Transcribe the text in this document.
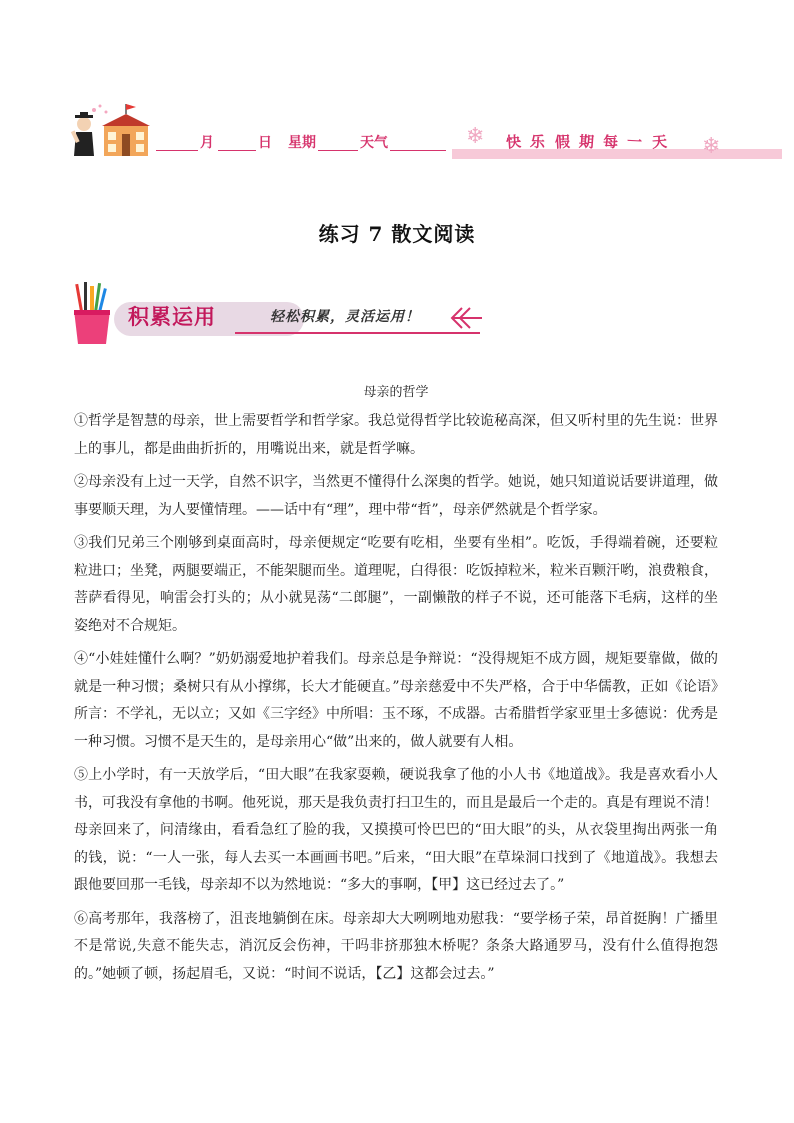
月	日 星期	天气	❄	❄
快 乐 假 期 每 一 天
练习 7 散文阅读
积累运用	轻松积累，灵活运用！
母亲的哲学

①哲学是智慧的母亲，世上需要哲学和哲学家。我总觉得哲学比较诡秘高深，但又听村里的先生说：世界上的事儿，都是曲曲折折的，用嘴说出来，就是哲学嘛。

②母亲没有上过一天学，自然不识字，当然更不懂得什么深奥的哲学。她说，她只知道说话要讲道理，做事要顺天理，为人要懂情理。——话中有“理”，理中带“哲”，母亲俨然就是个哲学家。

③我们兄弟三个刚够到桌面高时，母亲便规定“吃要有吃相，坐要有坐相”。吃饭，手得端着碗，还要粒粒进口；坐凳，两腿要端正，不能架腿而坐。道理呢，白得很：吃饭掉粒米，粒米百颗汗哟，浪费粮食，菩萨看得见，响雷会打头的；从小就晃荡“二郎腿”，一副懒散的样子不说，还可能落下毛病，这样的坐姿绝对不合规矩。

④“小娃娃懂什么啊？”奶奶溺爱地护着我们。母亲总是争辩说：“没得规矩不成方圆，规矩要靠做，做的就是一种习惯；桑树只有从小撑绑，长大才能硬直。”母亲慈爱中不失严格，合于中华儒教，正如《论语》所言：不学礼，无以立；又如《三字经》中所唱：玉不琢，不成器。古希腊哲学家亚里士多德说：优秀是一种习惯。习惯不是天生的，是母亲用心“做”出来的，做人就要有人相。

⑤上小学时，有一天放学后，“田大眼”在我家耍赖，硬说我拿了他的小人书《地道战》。我是喜欢看小人书，可我没有拿他的书啊。他死说，那天是我负责打扫卫生的，而且是最后一个走的。真是有理说不清！母亲回来了，问清缘由，看看急红了脸的我，又摸摸可怜巴巴的“田大眼”的头，从衣袋里掏出两张一角的钱，说：“一人一张，每人去买一本画画书吧。”后来，“田大眼”在草垛洞口找到了《地道战》。我想去跟他要回那一毛钱，母亲却不以为然地说：“多大的事啊，【甲】这已经过去了。”

⑥高考那年，我落榜了，沮丧地躺倒在床。母亲却大大咧咧地劝慰我：“要学杨子荣，昂首挺胸！广播里不是常说,失意不能失志，消沉反会伤神，干吗非挤那独木桥呢？条条大路通罗马，没有什么值得抱怨的。”她顿了顿，扬起眉毛，又说：“时间不说话，【乙】这都会过去。”
